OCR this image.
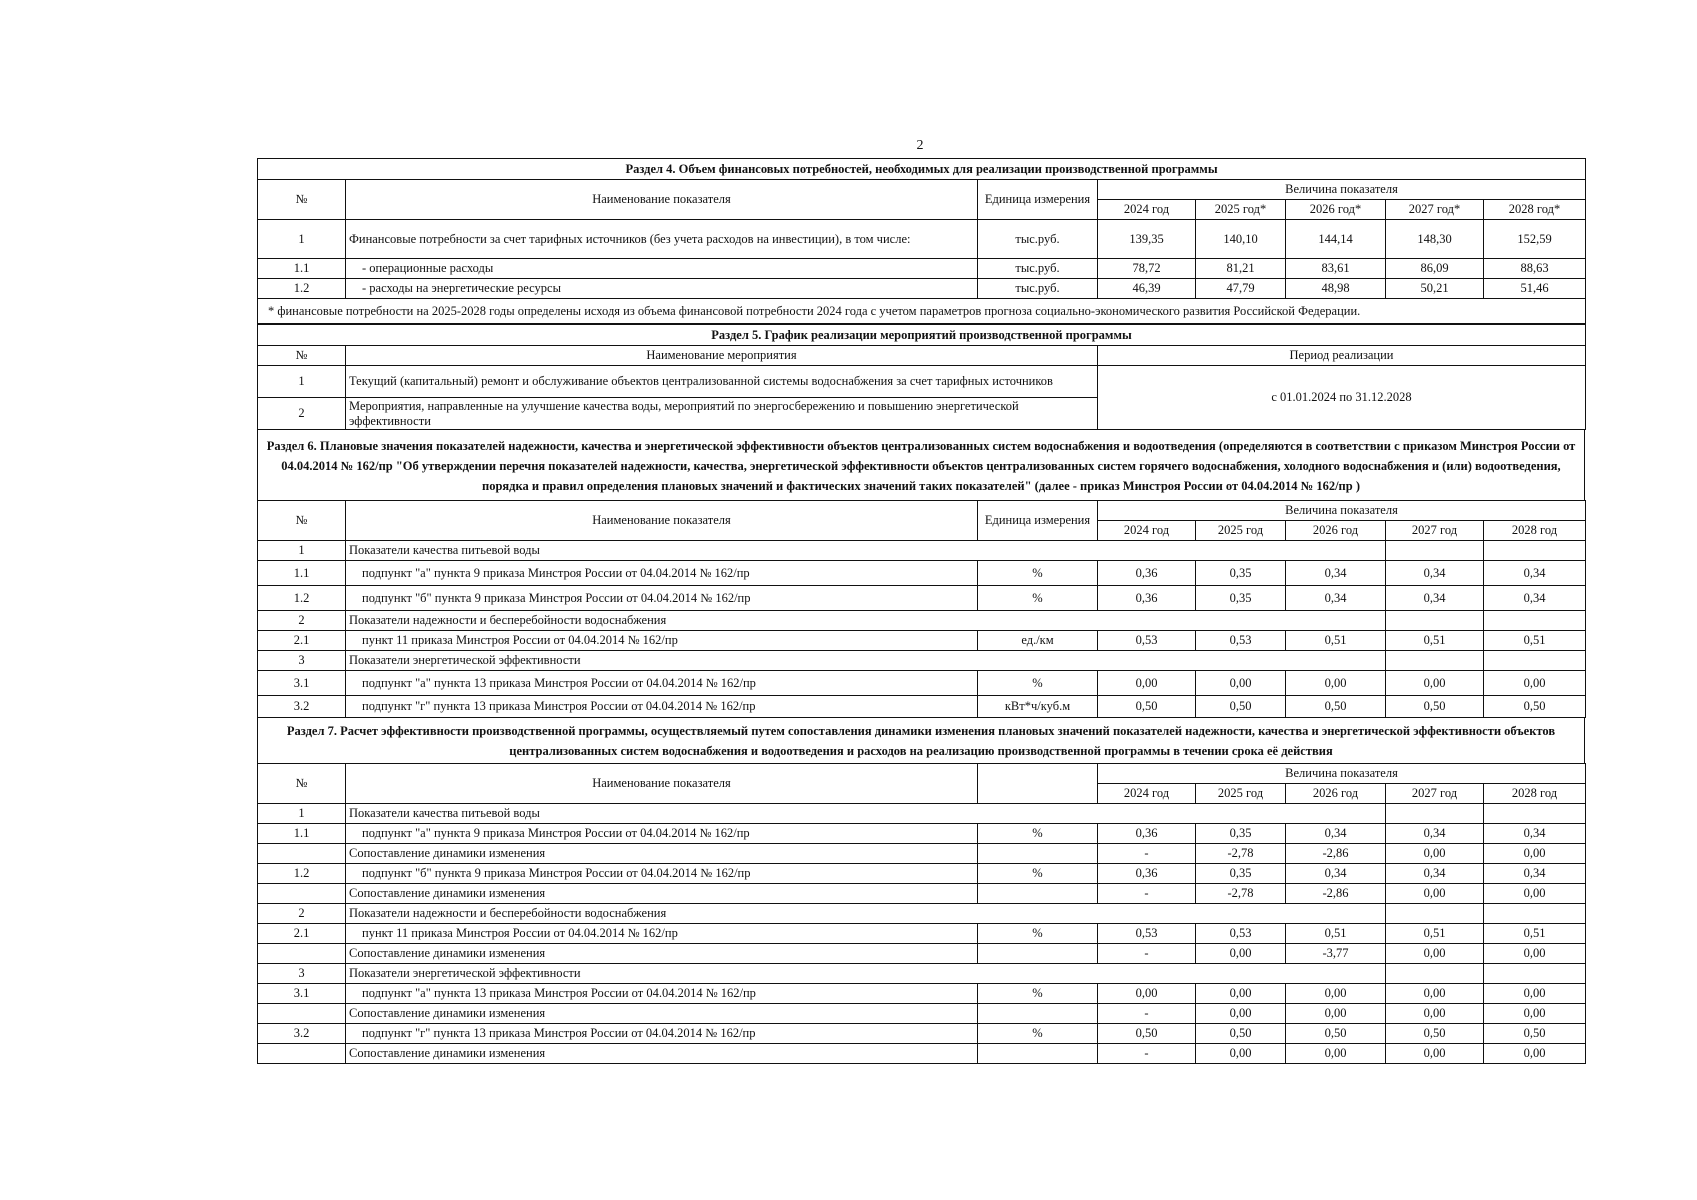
2
Раздел 4. Объем финансовых потребностей, необходимых для реализации производственной программы							
№	Наименование показателя	Единица измерения	Величина показателя				
			2024 год	2025 год*	2026 год*	2027 год*	2028 год*
1	Финансовые потребности за счет тарифных источников (без учета расходов на инвестиции), в том числе:	тыс.руб.	139,35	140,10	144,14	148,30	152,59
1.1	- операционные расходы	тыс.руб.	78,72	81,21	83,61	86,09	88,63
1.2	- расходы на энергетические ресурсы	тыс.руб.	46,39	47,79	48,98	50,21	51,46
* финансовые потребности на 2025-2028 годы определены исходя из объема финансовой потребности 2024 года с учетом параметров прогноза социально-экономического развития Российской Федерации.							
Раздел 5. График реализации мероприятий производственной программы		
№	Наименование мероприятия	Период реализации
1	Текущий (капитальный) ремонт и обслуживание объектов централизованной системы водоснабжения за счет тарифных источников	с 01.01.2024 по 31.12.2028
2	Мероприятия, направленные на улучшение качества воды, мероприятий по энергосбережению и повышению энергетической эффективности	
Раздел 6. Плановые значения показателей надежности, качества и энергетической эффективности объектов централизованных систем водоснабжения и водоотведения (определяются в соответствии с приказом Минстроя России от 04.04.2014 № 162/пр "Об утверждении перечня показателей надежности, качества, энергетической эффективности объектов централизованных систем горячего водоснабжения, холодного водоснабжения и (или) водоотведения, порядка и правил определения плановых значений и фактических значений таких показателей" (далее - приказ Минстроя России от 04.04.2014 № 162/пр )
№	Наименование показателя	Единица измерения	Величина показателя				
			2024 год	2025 год	2026 год	2027 год	2028 год
1	Показатели качества питьевой воды						
1.1	подпункт "а" пункта 9 приказа Минстроя России от 04.04.2014 № 162/пр	%	0,36	0,35	0,34	0,34	0,34
1.2	подпункт "б" пункта 9 приказа Минстроя России от 04.04.2014 № 162/пр	%	0,36	0,35	0,34	0,34	0,34
2	Показатели надежности и бесперебойности водоснабжения						
2.1	пункт 11 приказа Минстроя России от 04.04.2014 № 162/пр	ед./км	0,53	0,53	0,51	0,51	0,51
3	Показатели энергетической эффективности						
3.1	подпункт "а" пункта 13 приказа Минстроя России от 04.04.2014 № 162/пр	%	0,00	0,00	0,00	0,00	0,00
3.2	подпункт "г" пункта 13 приказа Минстроя России от 04.04.2014 № 162/пр	кВт*ч/куб.м	0,50	0,50	0,50	0,50	0,50
Раздел 7. Расчет эффективности производственной программы, осуществляемый путем сопоставления динамики изменения плановых значений показателей надежности, качества и энергетической эффективности объектов централизованных систем водоснабжения и водоотведения и расходов на реализацию производственной программы в течении срока её действия
№	Наименование показателя		Величина показателя				
			2024 год	2025 год	2026 год	2027 год	2028 год
1	Показатели качества питьевой воды						
1.1	подпункт "а" пункта 9 приказа Минстроя России от 04.04.2014 № 162/пр	%	0,36	0,35	0,34	0,34	0,34
	Сопоставление динамики изменения		-	-2,78	-2,86	0,00	0,00
1.2	подпункт "б" пункта 9 приказа Минстроя России от 04.04.2014 № 162/пр	%	0,36	0,35	0,34	0,34	0,34
	Сопоставление динамики изменения		-	-2,78	-2,86	0,00	0,00
2	Показатели надежности и бесперебойности водоснабжения						
2.1	пункт 11 приказа Минстроя России от 04.04.2014 № 162/пр	%	0,53	0,53	0,51	0,51	0,51
	Сопоставление динамики изменения		-	0,00	-3,77	0,00	0,00
3	Показатели энергетической эффективности						
3.1	подпункт "а" пункта 13 приказа Минстроя России от 04.04.2014 № 162/пр	%	0,00	0,00	0,00	0,00	0,00
	Сопоставление динамики изменения		-	0,00	0,00	0,00	0,00
3.2	подпункт "г" пункта 13 приказа Минстроя России от 04.04.2014 № 162/пр	%	0,50	0,50	0,50	0,50	0,50
	Сопоставление динамики изменения		-	0,00	0,00	0,00	0,00
